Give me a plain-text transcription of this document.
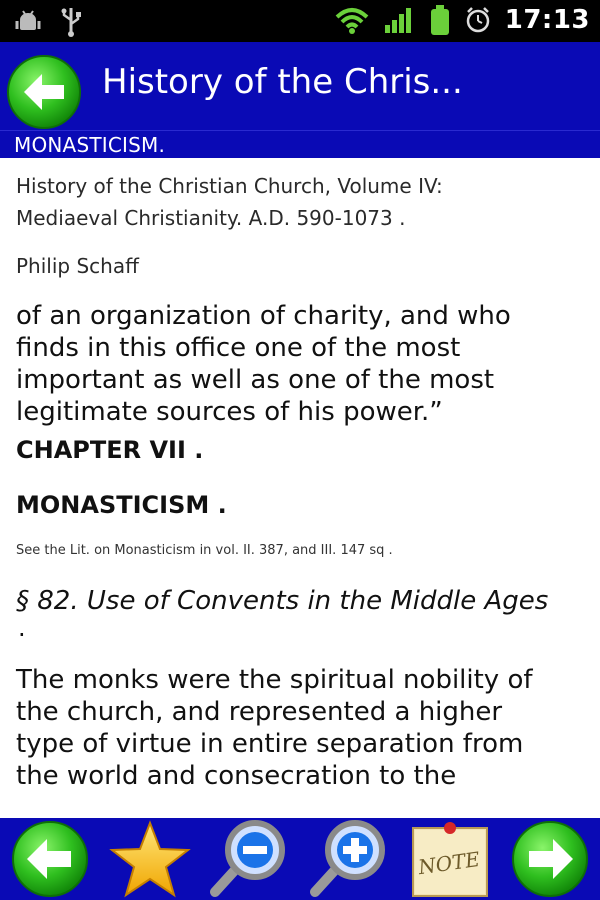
17:13
History of the Chris...
MONASTICISM.
History of the Christian Church, Volume IV:
Mediaeval Christianity. A.D. 590-1073 .
Philip Schaff
of an organization of charity, and who
finds in this office one of the most
important as well as one of the most
legitimate sources of his power.”
CHAPTER VII .
MONASTICISM .
See the Lit. on Monasticism in vol. II. 387, and III. 147 sq .
§ 82. Use of Convents in the Middle Ages
.
The monks were the spiritual nobility of
the church, and represented a higher
type of virtue in entire separation from
the world and consecration to the
NOTE
